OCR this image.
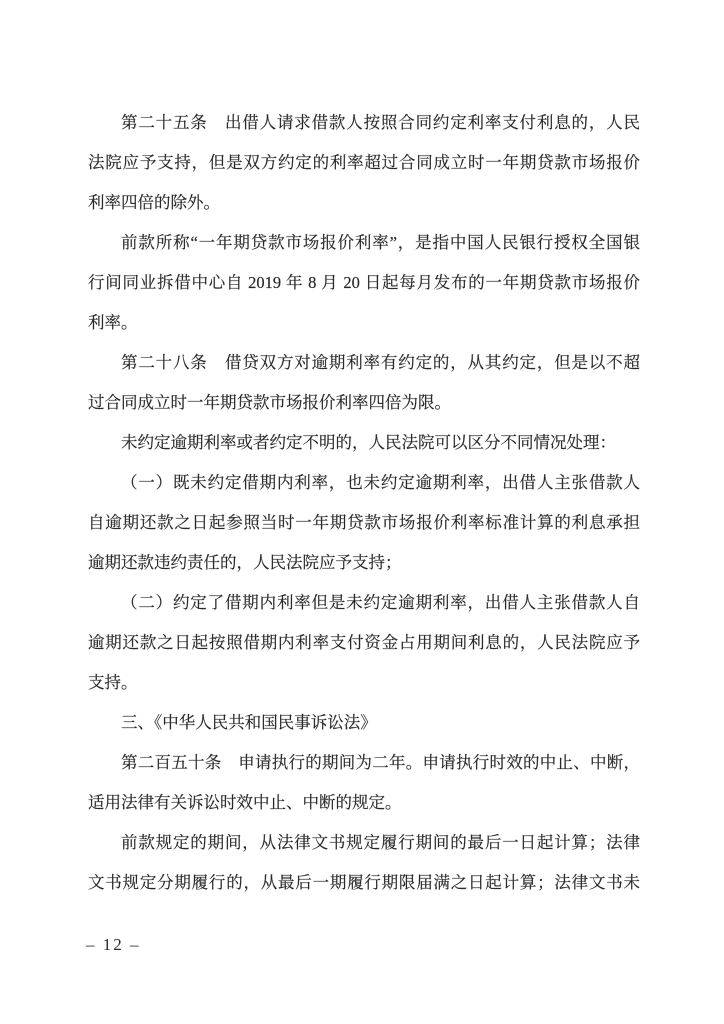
第二十五条　出借人请求借款人按照合同约定利率支付利息的，人民
法院应予支持，但是双方约定的利率超过合同成立时一年期贷款市场报价
利率四倍的除外。
前款所称“一年期贷款市场报价利率”，是指中国人民银行授权全国银
行间同业拆借中心自 2019 年 8 月 20 日起每月发布的一年期贷款市场报价
利率。
第二十八条　借贷双方对逾期利率有约定的，从其约定，但是以不超
过合同成立时一年期贷款市场报价利率四倍为限。
未约定逾期利率或者约定不明的，人民法院可以区分不同情况处理：
（一）既未约定借期内利率，也未约定逾期利率，出借人主张借款人
自逾期还款之日起参照当时一年期贷款市场报价利率标准计算的利息承担
逾期还款违约责任的，人民法院应予支持；
（二）约定了借期内利率但是未约定逾期利率，出借人主张借款人自
逾期还款之日起按照借期内利率支付资金占用期间利息的，人民法院应予
支持。
三、《中华人民共和国民事诉讼法》
第二百五十条　申请执行的期间为二年。申请执行时效的中止、中断，
适用法律有关诉讼时效中止、中断的规定。
前款规定的期间，从法律文书规定履行期间的最后一日起计算；法律
文书规定分期履行的，从最后一期履行期限届满之日起计算；法律文书未
– 12 –
